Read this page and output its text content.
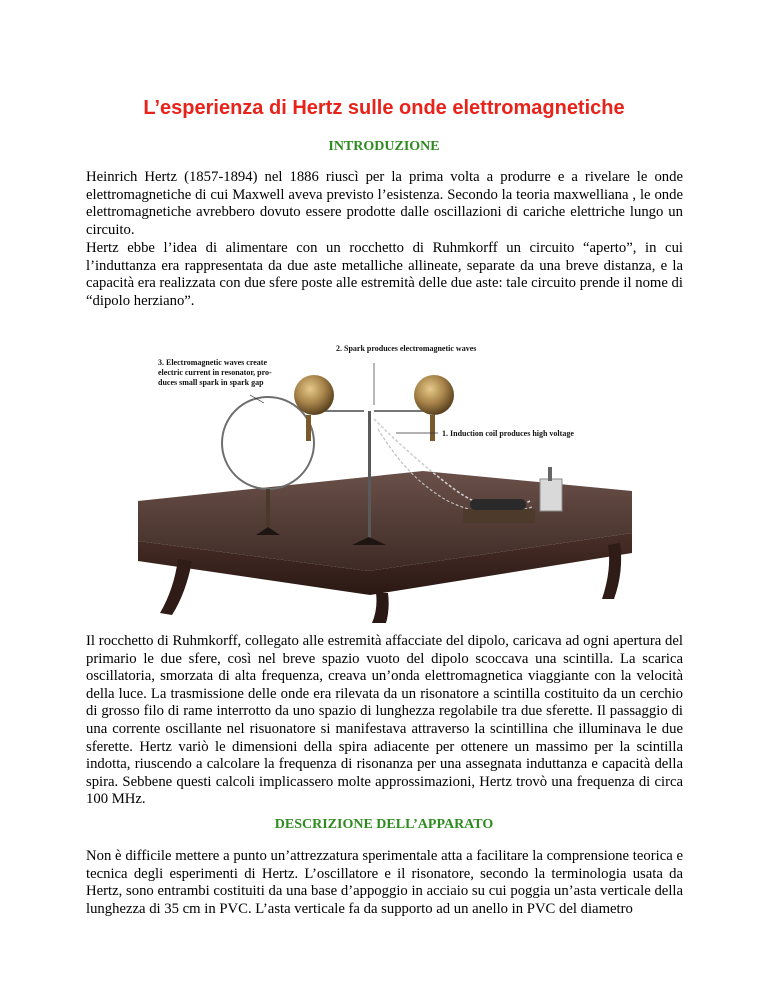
L’esperienza di Hertz sulle onde elettromagnetiche

INTRODUZIONE

Heinrich Hertz (1857-1894) nel 1886 riuscì per la prima volta a produrre e a rivelare le onde elettromagnetiche di cui Maxwell aveva previsto l’esistenza. Secondo la teoria maxwelliana , le onde elettromagnetiche avrebbero dovuto essere prodotte dalle oscillazioni di cariche elettriche lungo un circuito.

Hertz ebbe l’idea di alimentare con un rocchetto di Ruhmkorff un circuito “aperto”, in cui l’induttanza era rappresentata da due aste metalliche allineate, separate da una breve distanza, e la capacità era realizzata con due sfere poste alle estremità delle due aste: tale circuito prende il nome di “dipolo herziano”.

2. Spark produces electromagnetic waves
3. Electromagnetic waves create
electric current in resonator, pro-
duces small spark in spark gap
1. Induction coil produces high voltage

Il rocchetto di Ruhmkorff, collegato alle estremità affacciate del dipolo, caricava ad ogni apertura del primario le due sfere, così nel breve spazio vuoto del dipolo scoccava una scintilla. La scarica oscillatoria, smorzata di alta frequenza, creava un’onda elettromagnetica viaggiante con la velocità della luce. La trasmissione delle onde era rilevata da un risonatore a scintilla costituito da un cerchio di grosso filo di rame interrotto da uno spazio di lunghezza regolabile tra due sferette. Il passaggio di una corrente oscillante nel risuonatore si manifestava attraverso la scintillina che illuminava le due sferette. Hertz variò le dimensioni della spira adiacente per ottenere un massimo per la scintilla indotta, riuscendo a calcolare la frequenza di risonanza per una assegnata induttanza e capacità della spira. Sebbene questi calcoli implicassero molte approssimazioni, Hertz trovò una frequenza di circa 100 MHz.

DESCRIZIONE DELL’APPARATO

Non è difficile mettere a punto un’attrezzatura sperimentale atta a facilitare la comprensione teorica e tecnica degli esperimenti di Hertz. L’oscillatore e il risonatore, secondo la terminologia usata da Hertz, sono entrambi costituiti da una base d’appoggio in acciaio su cui poggia un’asta verticale della lunghezza di 35 cm in PVC. L’asta verticale fa da supporto ad un anello in PVC del diametro
